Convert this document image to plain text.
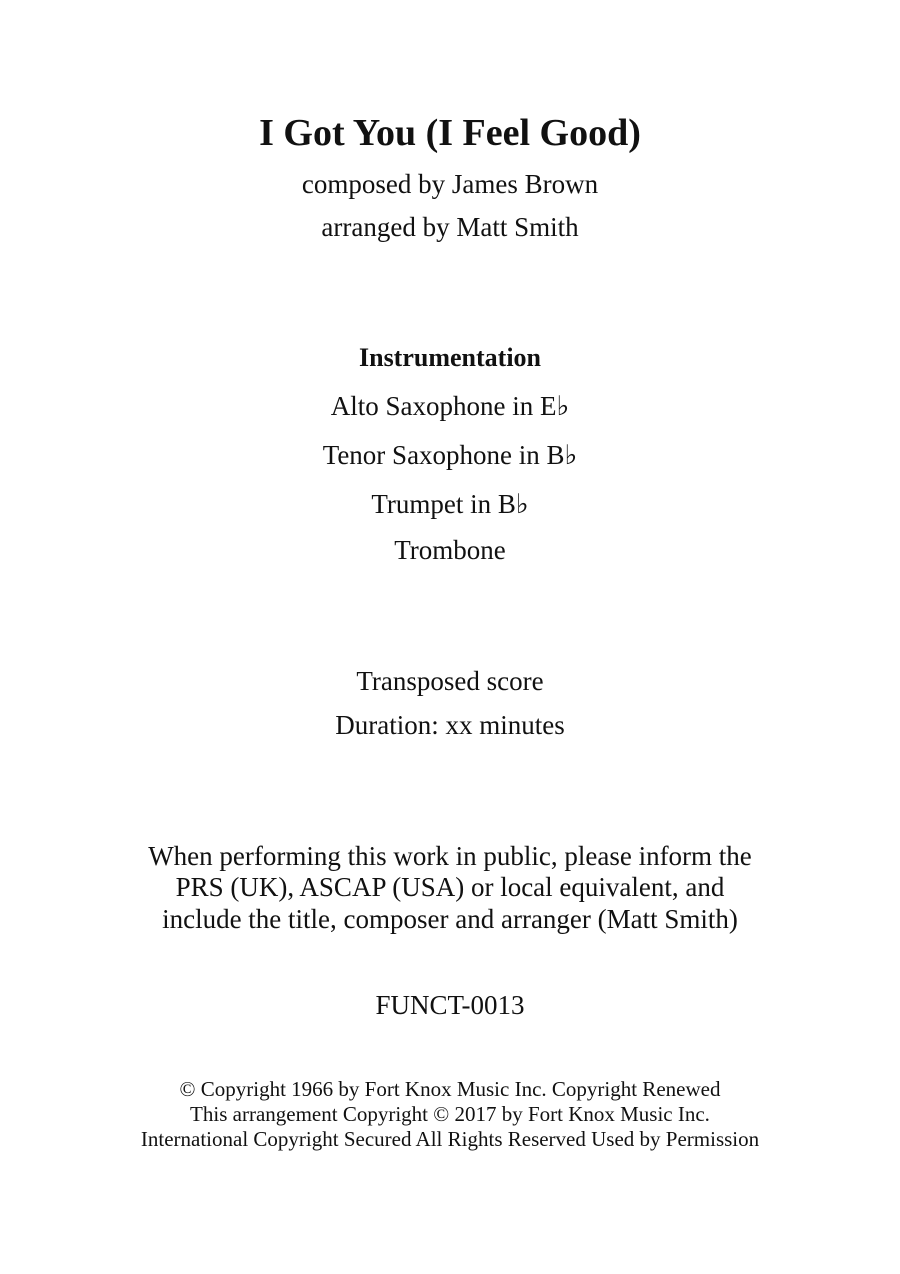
I Got You (I Feel Good)
composed by James Brown
arranged by Matt Smith
Instrumentation
Alto Saxophone in E♭
Tenor Saxophone in B♭
Trumpet in B♭
Trombone
Transposed score
Duration: xx minutes
When performing this work in public, please inform the
PRS (UK), ASCAP (USA) or local equivalent, and
include the title, composer and arranger (Matt Smith)
FUNCT-0013
© Copyright 1966 by Fort Knox Music Inc. Copyright Renewed
This arrangement Copyright © 2017 by Fort Knox Music Inc.
International Copyright Secured All Rights Reserved Used by Permission
